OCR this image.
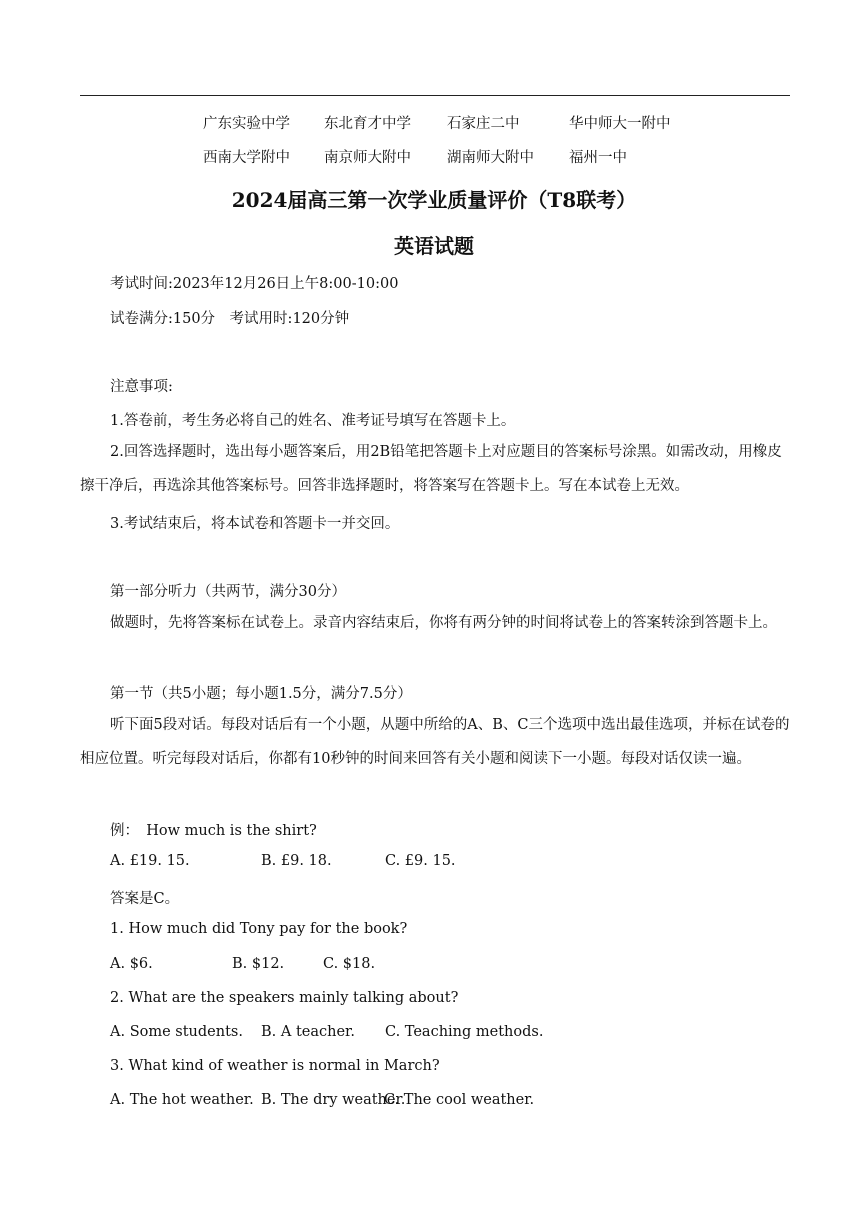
广东实验中学 东北育才中学 石家庄二中	华中师大一附中
西南大学附中 南京师大附中 湖南师大附中 福州一中
2024届高三第一次学业质量评价（T8联考）
英语试题
考试时间:2023年12月26日上午8:00-10:00
试卷满分:150分　考试用时:120分钟
注意事项:
1.答卷前，考生务必将自己的姓名、准考证号填写在答题卡上。
2.回答选择题时，选出每小题答案后，用2B铅笔把答题卡上对应题目的答案标号涂黑。如需改动，用橡皮擦干净后，再选涂其他答案标号。回答非选择题时，将答案写在答题卡上。写在本试卷上无效。
3.考试结束后，将本试卷和答题卡一并交回。
第一部分听力（共两节，满分30分）
做题时，先将答案标在试卷上。录音内容结束后，你将有两分钟的时间将试卷上的答案转涂到答题卡上。
第一节（共5小题；每小题1.5分，满分7.5分）
听下面5段对话。每段对话后有一个小题，从题中所给的A、B、C三个选项中选出最佳选项，并标在试卷的相应位置。听完每段对话后，你都有10秒钟的时间来回答有关小题和阅读下一小题。每段对话仅读一遍。
例：　How much is the shirt?
A. £19. 15.	B. £9. 18.	C. £9. 15.
答案是C。
1. How much did Tony pay for the book?
A. $6.	B. $12.	C. $18.
2. What are the speakers mainly talking about?
A. Some students. B. A teacher. C. Teaching methods.
3. What kind of weather is normal in March?
A. The hot weather. B. The dry weather.
C. The cool weather.
